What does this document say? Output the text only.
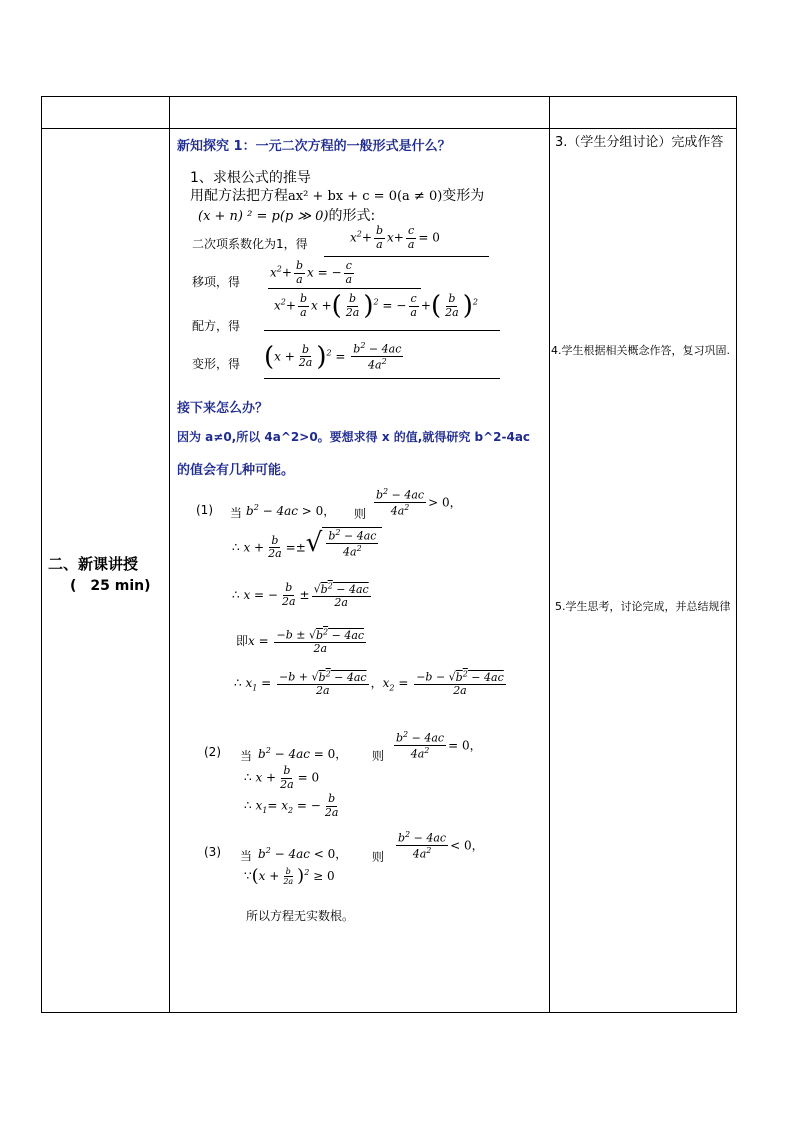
二、新课讲授
(　25 min)
3.（学生分组讨论）完成作答
4.学生根据相关概念作答，复习巩固.
5.学生思考，讨论完成，并总结规律
新知探究 1：一元二次方程的一般形式是什么？
1、求根公式的推导
用配方法把方程ax² + bx + c = 0(a ≠ 0)变形为
(x + n) ² = p(p ≫ 0)的形式:
二次项系数化为1，得	$x^2+ \frac{b}{a} x+ \frac{c}{a} = 0$
移项，得
$x^2+ \frac{b}{a}$ x = − $\frac{c}{a}$
配方，得
$x^2+ \frac{b}{a}$ x +( $\frac{b}{2a} )^2$ = − $\frac{c}{a}$ +( $\frac{b}{2a} )^2$
变形，得 $(x + \frac{b}{2a} )^2 = \frac{b^2 - 4ac}{4a^2}$
接下来怎么办？
因为 a≠0,所以 4a^2>0。要想求得 x 的值,就得研究 b^2-4ac
的值会有几种可能。
(1) 当 $b^2 - 4ac > 0$， 则 $\frac{b^2 - 4ac}{4a^2} > 0$，
∴ $x + \frac{b}{2a}$ =± √ $\frac{b^2 - 4ac}{4a^2}$
∴ x = − $\frac{b}{2a} \pm \frac{√b^2 - 4ac}{2a}$
即$x = \frac{-b \pm √b^2 - 4ac}{2a}$
∴ $x_1 = \frac{-b + √b^2 - 4ac}{2a}$ ，$x_2 = \frac{-b - √b^2 - 4ac}{2a}$
(2) 当 $b^2 - 4ac = 0$， 则 $\frac{b^2 - 4ac}{4a^2} = 0$，
∴ $x + \frac{b}{2a} = 0$
∴ $x_1= x_2$ = − $\frac{b}{2a}$
(3) 当 $b^2 - 4ac < 0$， 则 $\frac{b^2 - 4ac}{4a^2} < 0$，
∵(x + $\frac{b}{2a} )^2 \ge 0$
所以方程无实数根。
